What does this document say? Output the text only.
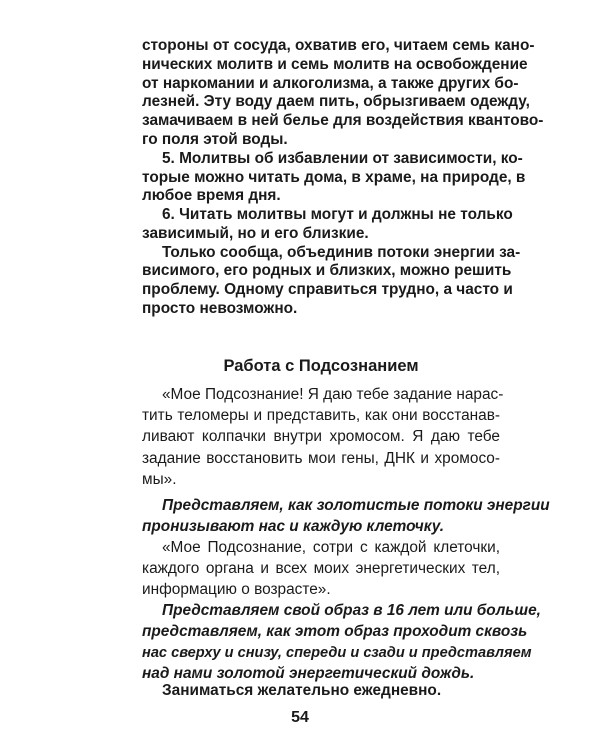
стороны от сосуда, охватив его, читаем семь кано-

нических молитв и семь молитв на освобождение

от наркомании и алкоголизма, а также других бо-

лезней. Эту воду даем пить, обрызгиваем одежду,

замачиваем в ней белье для воздействия квантово-

го поля этой воды.

5. Молитвы об избавлении от зависимости, ко-

торые можно читать дома, в храме, на природе, в

любое время дня.

6. Читать молитвы могут и должны не только

зависимый, но и его близкие.

Только сообща, объединив потоки энергии за-

висимого, его родных и близких, можно решить

проблему. Одному справиться трудно, а часто и

просто невозможно.

Работа с Подсознанием

«Мое Подсознание! Я даю тебе задание нарас-

тить теломеры и представить, как они восстанав-

ливают колпачки внутри хромосом. Я даю тебе

задание восстановить мои гены, ДНК и хромосо-

мы».

Представляем, как золотистые потоки энергии

пронизывают нас и каждую клеточку.

«Мое Подсознание, сотри с каждой клеточки,

каждого органа и всех моих энергетических тел,

информацию о возрасте».

Представляем свой образ в 16 лет или больше,

представляем, как этот образ проходит сквозь

нас сверху и снизу, спереди и сзади и представляем

над нами золотой энергетический дождь.

Заниматься желательно ежедневно.

54
